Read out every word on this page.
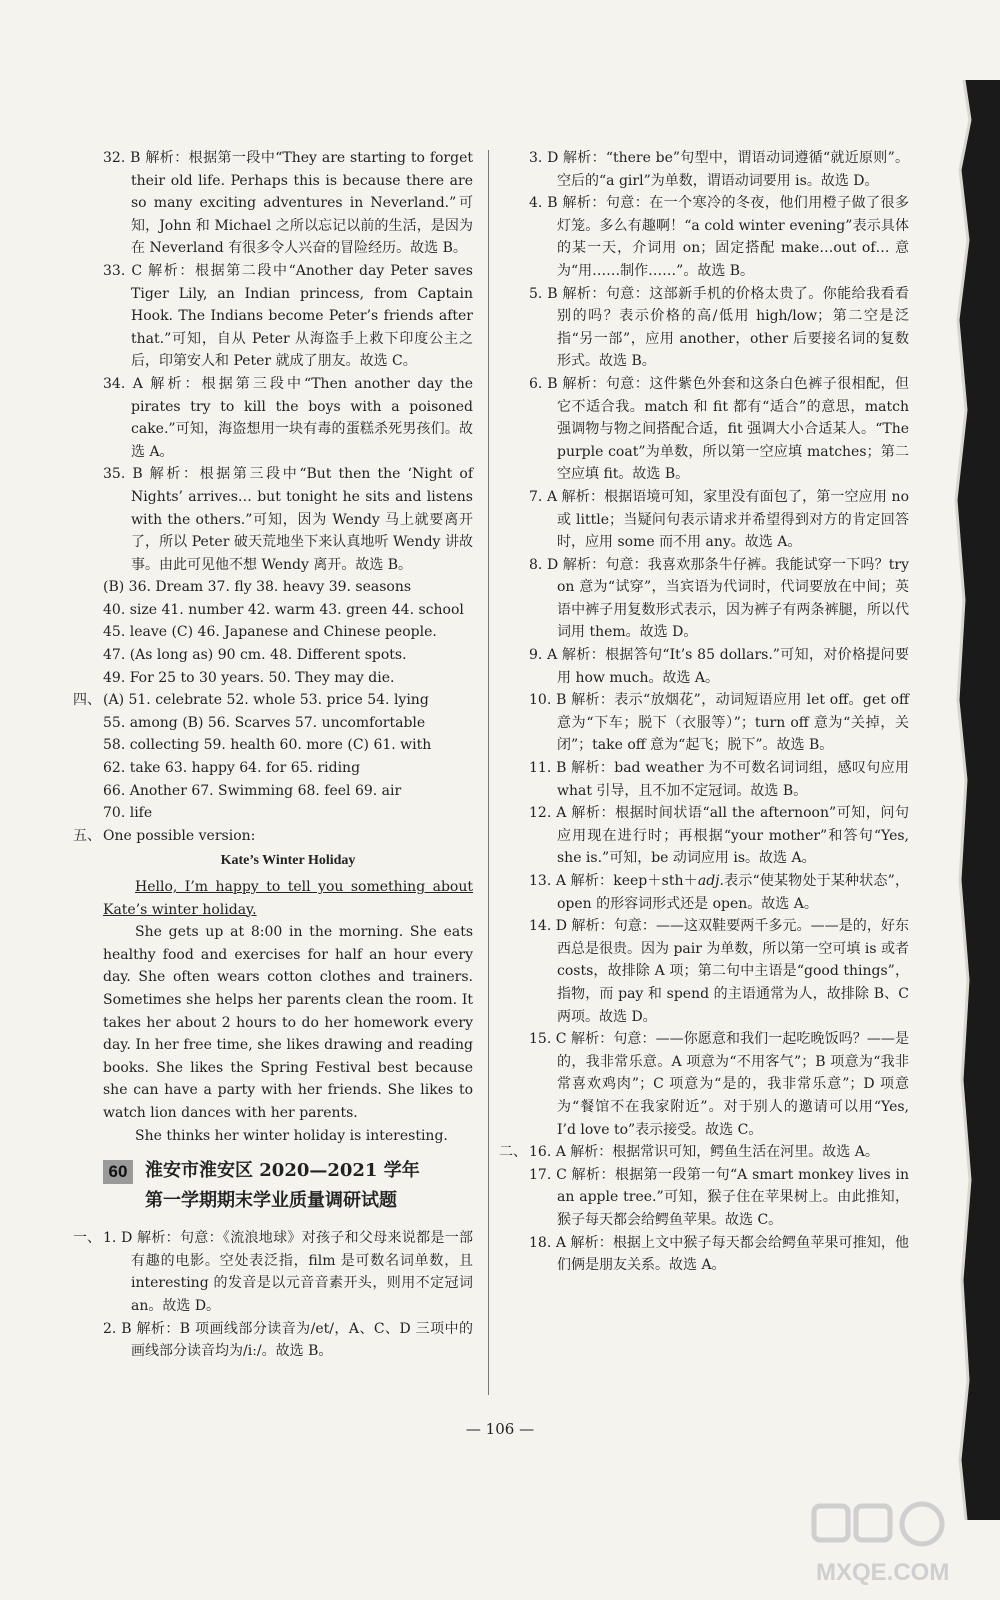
32. B 解析：根据第一段中“They are starting to forget their old life. Perhaps this is because there are so many exciting adventures in Neverland.”可知，John 和 Michael 之所以忘记以前的生活，是因为在 Neverland 有很多令人兴奋的冒险经历。故选 B。

33. C 解析：根据第二段中“Another day Peter saves Tiger Lily, an Indian princess, from Captain Hook. The Indians become Peter’s friends after that.”可知，自从 Peter 从海盗手上救下印度公主之后，印第安人和 Peter 就成了朋友。故选 C。

34. A 解析：根据第三段中“Then another day the pirates try to kill the boys with a poisoned cake.”可知，海盗想用一块有毒的蛋糕杀死男孩们。故选 A。

35. B 解析：根据第三段中“But then the ‘Night of Nights’ arrives… but tonight he sits and listens with the others.”可知，因为 Wendy 马上就要离开了，所以 Peter 破天荒地坐下来认真地听 Wendy 讲故事。由此可见他不想 Wendy 离开。故选 B。

(B) 36. Dream 37. fly 38. heavy 39. seasons

40. size 41. number 42. warm 43. green 44. school

45. leave (C) 46. Japanese and Chinese people.

47. (As long as) 90 cm. 48. Different spots.

49. For 25 to 30 years. 50. They may die.

四、 (A) 51. celebrate 52. whole 53. price 54. lying

55. among (B) 56. Scarves 57. uncomfortable

58. collecting 59. health 60. more (C) 61. with

62. take 63. happy 64. for 65. riding

66. Another 67. Swimming 68. feel 69. air

70. life

五、 One possible version:

Kate’s Winter Holiday

Hello, I’m happy to tell you something about Kate’s winter holiday.

She gets up at 8:00 in the morning. She eats healthy food and exercises for half an hour every day. She often wears cotton clothes and trainers. Sometimes she helps her parents clean the room. It takes her about 2 hours to do her homework every day. In her free time, she likes drawing and reading books. She likes the Spring Festival best because she can have a party with her friends. She likes to watch lion dances with her parents.

She thinks her winter holiday is interesting.

60 淮安市淮安区 2020—2021 学年
第一学期期末学业质量调研试题
一、 1. D 解析：句意：《流浪地球》对孩子和父母来说都是一部有趣的电影。空处表泛指，film 是可数名词单数，且 interesting 的发音是以元音音素开头，则用不定冠词 an。故选 D。

2. B 解析：B 项画线部分读音为/et/，A、C、D 三项中的画线部分读音均为/iː/。故选 B。

3. D 解析：“there be”句型中，谓语动词遵循“就近原则”。空后的“a girl”为单数，谓语动词要用 is。故选 D。

4. B 解析：句意：在一个寒冷的冬夜，他们用橙子做了很多灯笼。多么有趣啊！“a cold winter evening”表示具体的某一天，介词用 on；固定搭配 make…out of… 意为“用……制作……”。故选 B。

5. B 解析：句意：这部新手机的价格太贵了。你能给我看看别的吗？表示价格的高/低用 high/low；第二空是泛指“另一部”，应用 another，other 后要接名词的复数形式。故选 B。

6. B 解析：句意：这件紫色外套和这条白色裤子很相配，但它不适合我。match 和 fit 都有“适合”的意思，match 强调物与物之间搭配合适，fit 强调大小合适某人。“The purple coat”为单数，所以第一空应填 matches；第二空应填 fit。故选 B。

7. A 解析：根据语境可知，家里没有面包了，第一空应用 no 或 little；当疑问句表示请求并希望得到对方的肯定回答时，应用 some 而不用 any。故选 A。

8. D 解析：句意：我喜欢那条牛仔裤。我能试穿一下吗？try on 意为“试穿”，当宾语为代词时，代词要放在中间；英语中裤子用复数形式表示，因为裤子有两条裤腿，所以代词用 them。故选 D。

9. A 解析：根据答句“It’s 85 dollars.”可知，对价格提问要用 how much。故选 A。

10. B 解析：表示“放烟花”，动词短语应用 let off。get off 意为“下车；脱下（衣服等）”；turn off 意为“关掉，关闭”；take off 意为“起飞；脱下”。故选 B。

11. B 解析：bad weather 为不可数名词词组，感叹句应用 what 引导，且不加不定冠词。故选 B。

12. A 解析：根据时间状语“all the afternoon”可知，问句应用现在进行时；再根据“your mother”和答句“Yes, she is.”可知，be 动词应用 is。故选 A。

13. A 解析：keep＋sth＋adj.表示“使某物处于某种状态”，open 的形容词形式还是 open。故选 A。

14. D 解析：句意：——这双鞋要两千多元。——是的，好东西总是很贵。因为 pair 为单数，所以第一空可填 is 或者 costs，故排除 A 项；第二句中主语是“good things”，指物，而 pay 和 spend 的主语通常为人，故排除 B、C 两项。故选 D。

15. C 解析：句意：——你愿意和我们一起吃晚饭吗？——是的，我非常乐意。A 项意为“不用客气”；B 项意为“我非常喜欢鸡肉”；C 项意为“是的，我非常乐意”；D 项意为“餐馆不在我家附近”。对于别人的邀请可以用“Yes, I’d love to”表示接受。故选 C。

二、 16. A 解析：根据常识可知，鳄鱼生活在河里。故选 A。

17. C 解析：根据第一段第一句“A smart monkey lives in an apple tree.”可知，猴子住在苹果树上。由此推知，猴子每天都会给鳄鱼苹果。故选 C。

18. A 解析：根据上文中猴子每天都会给鳄鱼苹果可推知，他们俩是朋友关系。故选 A。

— 106 —
MXQE.COM
